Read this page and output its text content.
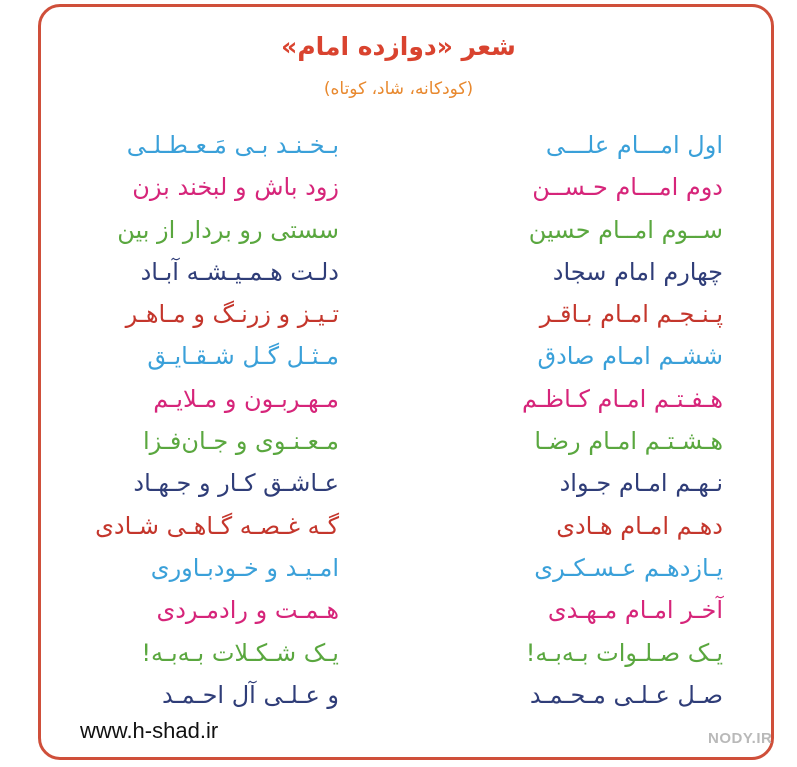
شعر «دوازده امام»
(کودکانه، شاد، کوتاه)
اول امـــام علـــی
دوم امـــام حـســن
ســوم امــام حسین
چهارم امام سجاد
پـنـجـم امـام بـاقـر
ششـم امـام صادق
هـفـتـم امـام کـاظـم
هـشـتـم امـام رضـا
نـهـم امـام جـواد
دهـم امـام هـادی
یـازدهـم عـسـکـری
آخـر امـام مـهـدی
یـک صـلـوات بـه‌بـه!
صـل عـلـی مـحـمـد
بـخـنـد بـی مَـعـطـلـی
زود باش و لبخند بزن
سستی رو بردار از بین
دلـت هـمـیـشـه آبـاد
تـیـز و زرنـگ و مـاهـر
مـثـل گـل شـقـایـق
مـهـربـون و مـلایـم
مـعـنـوی و جـان‌فـزا
عـاشـق کـار و جـهـاد
گـه غـصـه گـاهـی شـادی
امـیـد و خـودبـاوری
هـمـت و رادمـردی
یـک شـکـلات بـه‌بـه!
و عـلـی آل احـمـد
www.h-shad.ir	NODY.IR
